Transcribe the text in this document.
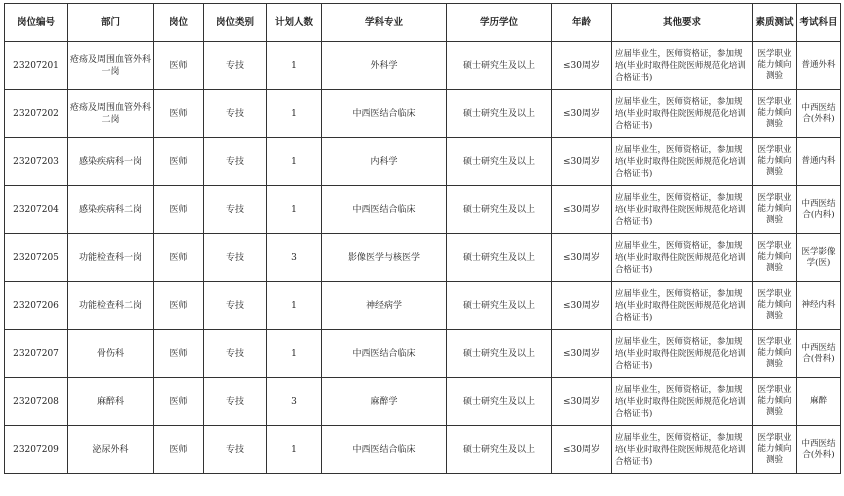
岗位编号	部门	岗位	岗位类别	计划人数	学科专业	学历学位	年龄	其他要求	素质测试	考试科目
23207201	疮疡及周围血管外科一岗	医师	专技	1	外科学	硕士研究生及以上	≤30周岁	应届毕业生，医师资格证，参加规培(毕业时取得住院医师规范化培训合格证书)	医学职业能力倾向测验	普通外科
23207202	疮疡及周围血管外科二岗	医师	专技	1	中西医结合临床	硕士研究生及以上	≤30周岁	应届毕业生，医师资格证，参加规培(毕业时取得住院医师规范化培训合格证书)	医学职业能力倾向测验	中西医结合(外科)
23207203	感染疾病科一岗	医师	专技	1	内科学	硕士研究生及以上	≤30周岁	应届毕业生，医师资格证，参加规培(毕业时取得住院医师规范化培训合格证书)	医学职业能力倾向测验	普通内科
23207204	感染疾病科二岗	医师	专技	1	中西医结合临床	硕士研究生及以上	≤30周岁	应届毕业生，医师资格证，参加规培(毕业时取得住院医师规范化培训合格证书)	医学职业能力倾向测验	中西医结合(内科)
23207205	功能检查科一岗	医师	专技	3	影像医学与核医学	硕士研究生及以上	≤30周岁	应届毕业生，医师资格证，参加规培(毕业时取得住院医师规范化培训合格证书)	医学职业能力倾向测验	医学影像学(医)
23207206	功能检查科二岗	医师	专技	1	神经病学	硕士研究生及以上	≤30周岁	应届毕业生，医师资格证，参加规培(毕业时取得住院医师规范化培训合格证书)	医学职业能力倾向测验	神经内科
23207207	骨伤科	医师	专技	1	中西医结合临床	硕士研究生及以上	≤30周岁	应届毕业生，医师资格证，参加规培(毕业时取得住院医师规范化培训合格证书)	医学职业能力倾向测验	中西医结合(骨科)
23207208	麻醉科	医师	专技	3	麻醉学	硕士研究生及以上	≤30周岁	应届毕业生，医师资格证，参加规培(毕业时取得住院医师规范化培训合格证书)	医学职业能力倾向测验	麻醉
23207209	泌尿外科	医师	专技	1	中西医结合临床	硕士研究生及以上	≤30周岁	应届毕业生，医师资格证，参加规培(毕业时取得住院医师规范化培训合格证书)	医学职业能力倾向测验	中西医结合(外科)
